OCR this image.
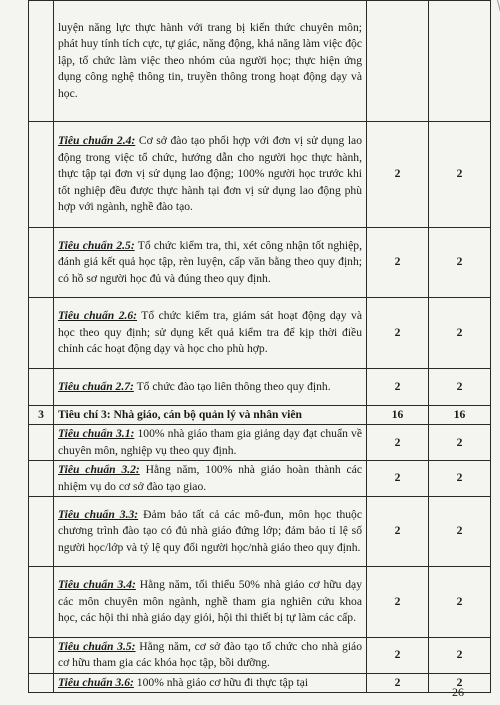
	luyện năng lực thực hành với trang bị kiến thức chuyên môn; phát huy tính tích cực, tự giác, năng động, khả năng làm việc độc lập, tổ chức làm việc theo nhóm của người học; thực hiện ứng dụng công nghệ thông tin, truyền thông trong hoạt động dạy và học.		
	Tiêu chuẩn 2.4: Cơ sở đào tạo phối hợp với đơn vị sử dụng lao động trong việc tổ chức, hướng dẫn cho người học thực hành, thực tập tại đơn vị sử dụng lao động; 100% người học trước khi tốt nghiệp đều được thực hành tại đơn vị sử dụng lao động phù hợp với ngành, nghề đào tạo.	2	2
	Tiêu chuẩn 2.5: Tổ chức kiểm tra, thi, xét công nhận tốt nghiệp, đánh giá kết quả học tập, rèn luyện, cấp văn bằng theo quy định; có hồ sơ người học đủ và đúng theo quy định.	2	2
	Tiêu chuẩn 2.6: Tổ chức kiểm tra, giám sát hoạt động dạy và học theo quy định; sử dụng kết quả kiểm tra để kịp thời điều chỉnh các hoạt động dạy và học cho phù hợp.	2	2
	Tiêu chuẩn 2.7: Tổ chức đào tạo liên thông theo quy định.	2	2
3	Tiêu chí 3: Nhà giáo, cán bộ quản lý và nhân viên	16	16
	Tiêu chuẩn 3.1: 100% nhà giáo tham gia giảng dạy đạt chuẩn về chuyên môn, nghiệp vụ theo quy định.	2	2
	Tiêu chuẩn 3.2: Hằng năm, 100% nhà giáo hoàn thành các nhiệm vụ do cơ sở đào tạo giao.	2	2
	Tiêu chuẩn 3.3: Đảm bảo tất cả các mô-đun, môn học thuộc chương trình đào tạo có đủ nhà giáo đứng lớp; đảm bảo tỉ lệ số người học/lớp và tỷ lệ quy đổi người học/nhà giáo theo quy định.	2	2
	Tiêu chuẩn 3.4: Hằng năm, tối thiểu 50% nhà giáo cơ hữu dạy các môn chuyên môn ngành, nghề tham gia nghiên cứu khoa học, các hội thi nhà giáo dạy giỏi, hội thi thiết bị tự làm các cấp.	2	2
	Tiêu chuẩn 3.5: Hằng năm, cơ sở đào tạo tổ chức cho nhà giáo cơ hữu tham gia các khóa học tập, bồi dưỡng.	2	2
	Tiêu chuẩn 3.6: 100% nhà giáo cơ hữu đi thực tập tại	2	2
26
